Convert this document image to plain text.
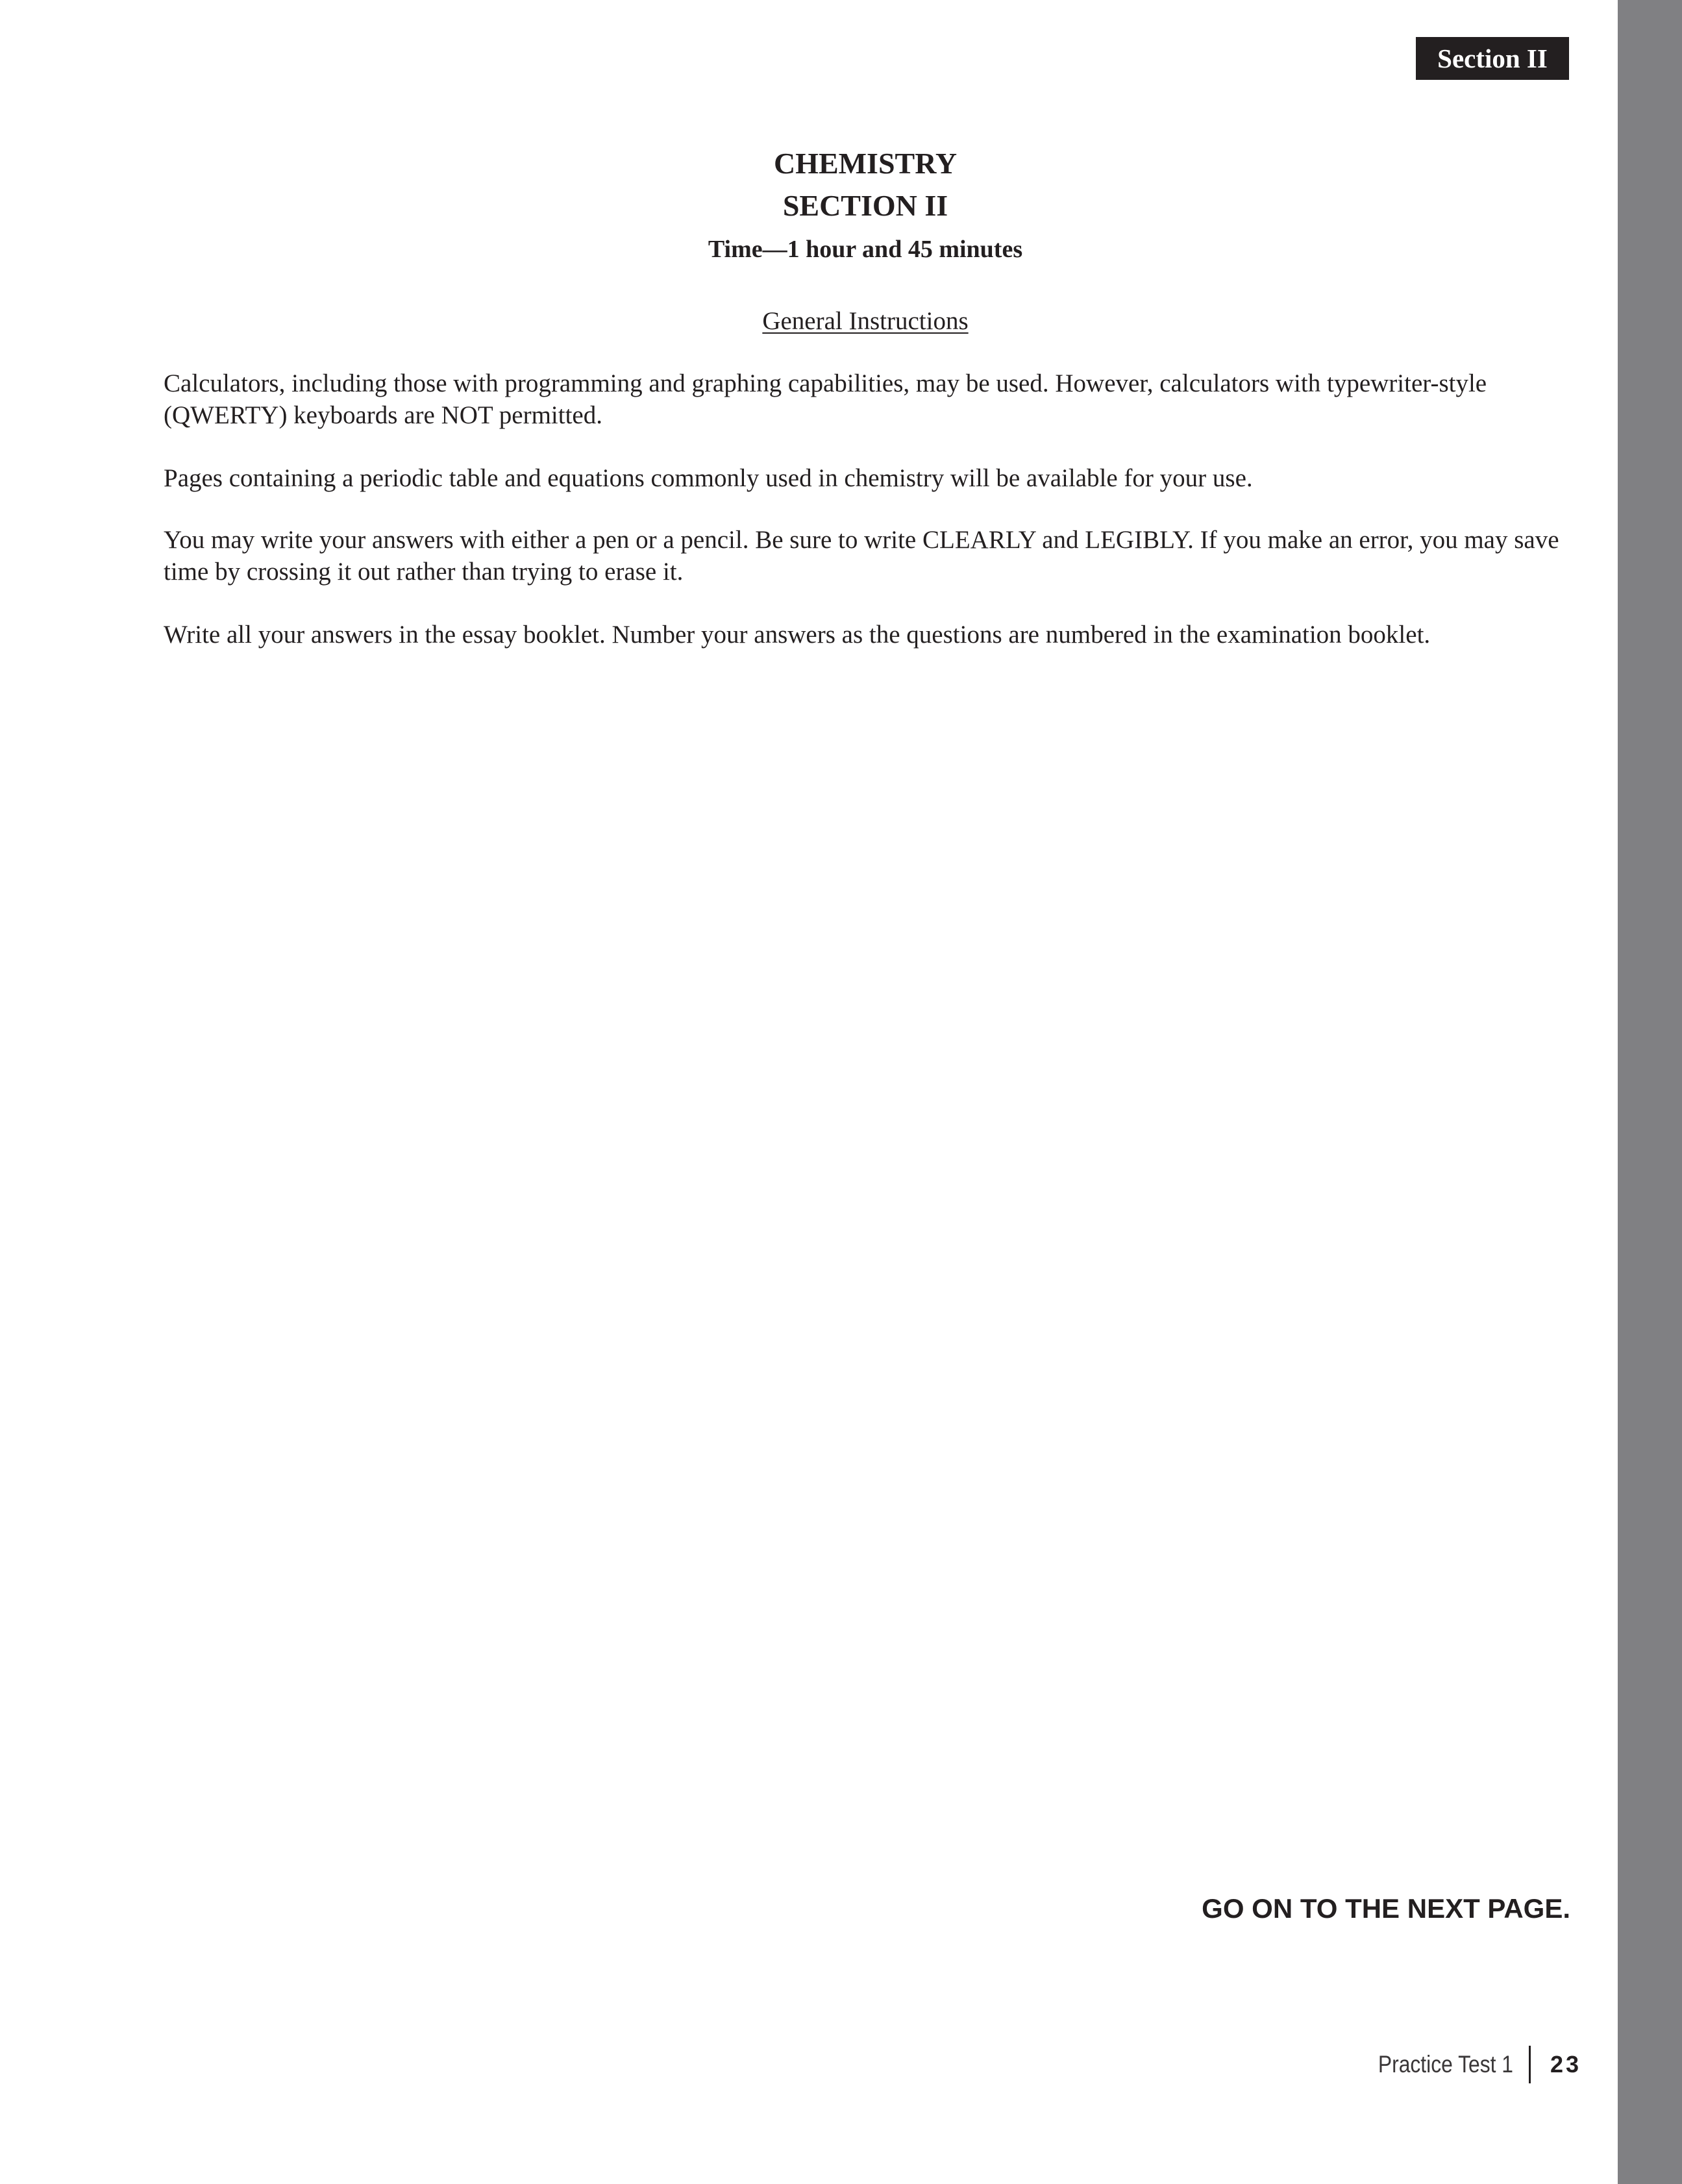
Section II
CHEMISTRY
SECTION II
Time—1 hour and 45 minutes
General Instructions

Calculators, including those with programming and graphing capabilities, may be used. However, calculators with typewriter-style (QWERTY) keyboards are NOT permitted.

Pages containing a periodic table and equations commonly used in chemistry will be available for your use.

You may write your answers with either a pen or a pencil. Be sure to write CLEARLY and LEGIBLY. If you make an error, you may save time by crossing it out rather than trying to erase it.

Write all your answers in the essay booklet. Number your answers as the questions are numbered in the examination booklet.

GO ON TO THE NEXT PAGE.
Practice Test 1 23
